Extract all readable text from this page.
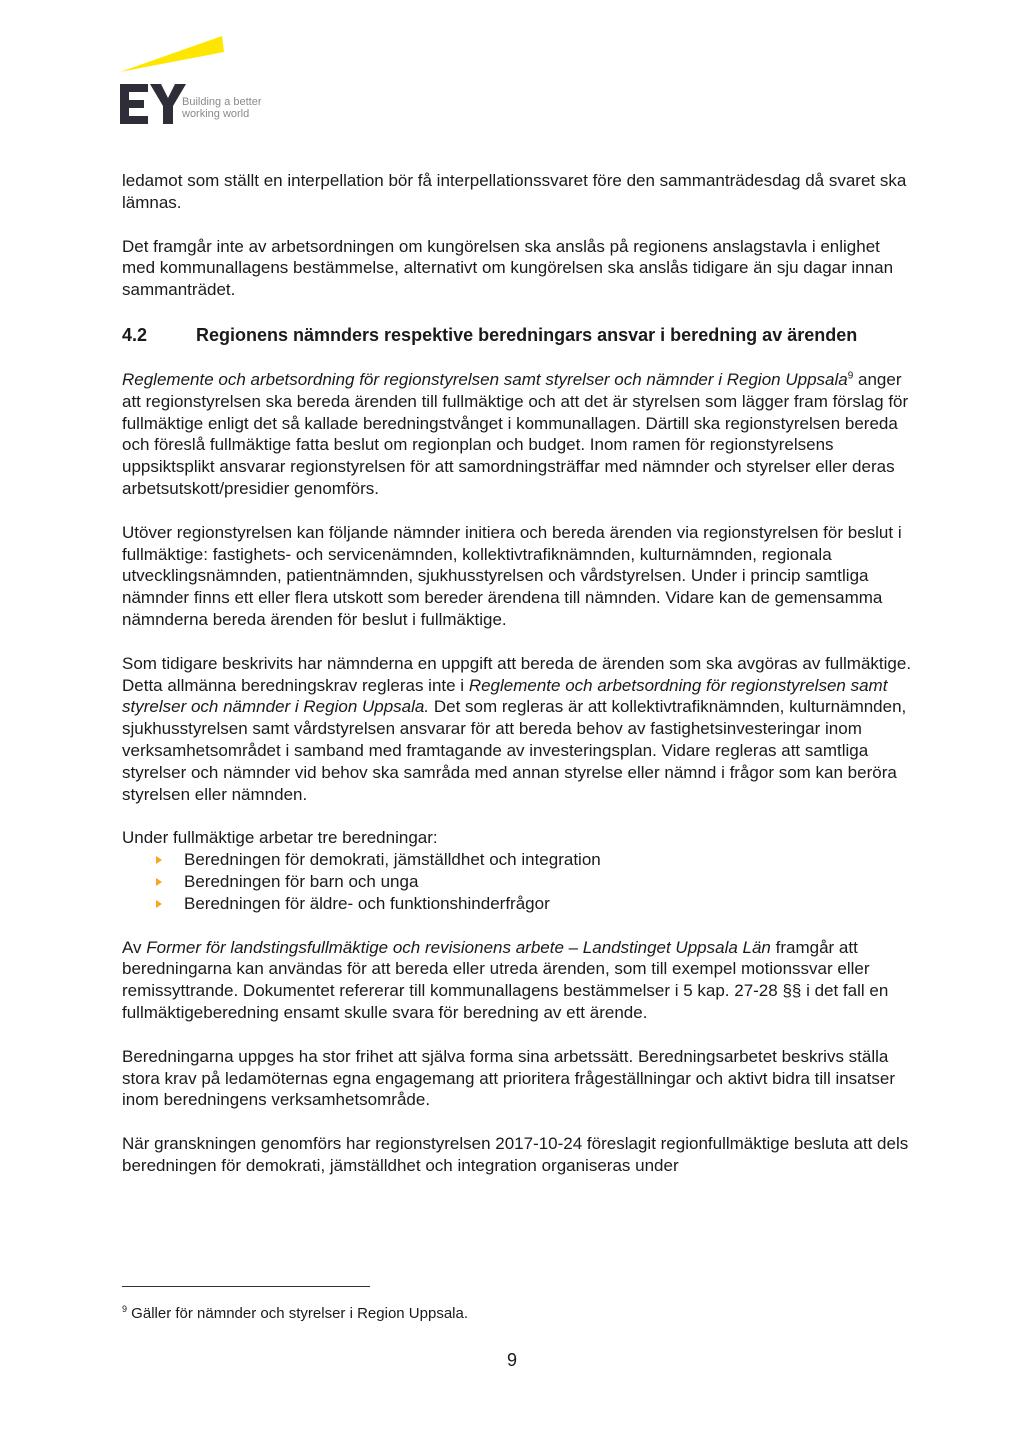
Building a better
working world

ledamot som ställt en interpellation bör få interpellationssvaret före den sammanträdesdag då svaret ska lämnas.

Det framgår inte av arbetsordningen om kungörelsen ska anslås på regionens anslagstavla i enlighet med kommunallagens bestämmelse, alternativt om kungörelsen ska anslås tidigare än sju dagar innan sammanträdet.

4.2	Regionens nämnders respektive beredningars ansvar i beredning av ärenden

Reglemente och arbetsordning för regionstyrelsen samt styrelser och nämnder i Region Uppsala$^9$ anger att regionstyrelsen ska bereda ärenden till fullmäktige och att det är styrelsen som lägger fram förslag för fullmäktige enligt det så kallade beredningstvånget i kommunallagen. Därtill ska regionstyrelsen bereda och föreslå fullmäktige fatta beslut om regionplan och budget. Inom ramen för regionstyrelsens uppsiktsplikt ansvarar regionstyrelsen för att samordningsträffar med nämnder och styrelser eller deras arbetsutskott/presidier genomförs.

Utöver regionstyrelsen kan följande nämnder initiera och bereda ärenden via regionstyrelsen för beslut i fullmäktige: fastighets- och servicenämnden, kollektivtrafiknämnden, kulturnämnden, regionala utvecklingsnämnden, patientnämnden, sjukhusstyrelsen och vårdstyrelsen. Under i princip samtliga nämnder finns ett eller flera utskott som bereder ärendena till nämnden. Vidare kan de gemensamma nämnderna bereda ärenden för beslut i fullmäktige.

Som tidigare beskrivits har nämnderna en uppgift att bereda de ärenden som ska avgöras av fullmäktige. Detta allmänna beredningskrav regleras inte i Reglemente och arbetsordning för regionstyrelsen samt styrelser och nämnder i Region Uppsala. Det som regleras är att kollektivtrafiknämnden, kulturnämnden, sjukhusstyrelsen samt vårdstyrelsen ansvarar för att bereda behov av fastighetsinvesteringar inom verksamhetsområdet i samband med framtagande av investeringsplan. Vidare regleras att samtliga styrelser och nämnder vid behov ska samråda med annan styrelse eller nämnd i frågor som kan beröra styrelsen eller nämnden.

Under fullmäktige arbetar tre beredningar:

Beredningen för demokrati, jämställdhet och integration
Beredningen för barn och unga
Beredningen för äldre- och funktionshinderfrågor

Av Former för landstingsfullmäktige och revisionens arbete – Landstinget Uppsala Län framgår att beredningarna kan användas för att bereda eller utreda ärenden, som till exempel motionssvar eller remissyttrande. Dokumentet refererar till kommunallagens bestämmelser i 5 kap. 27-28 §§ i det fall en fullmäktigeberedning ensamt skulle svara för beredning av ett ärende.

Beredningarna uppges ha stor frihet att själva forma sina arbetssätt. Beredningsarbetet beskrivs ställa stora krav på ledamöternas egna engagemang att prioritera frågeställningar och aktivt bidra till insatser inom beredningens verksamhetsområde.

När granskningen genomförs har regionstyrelsen 2017-10-24 föreslagit regionfullmäktige besluta att dels beredningen för demokrati, jämställdhet och integration organiseras under

$^9$ Gäller för nämnder och styrelser i Region Uppsala.
9
